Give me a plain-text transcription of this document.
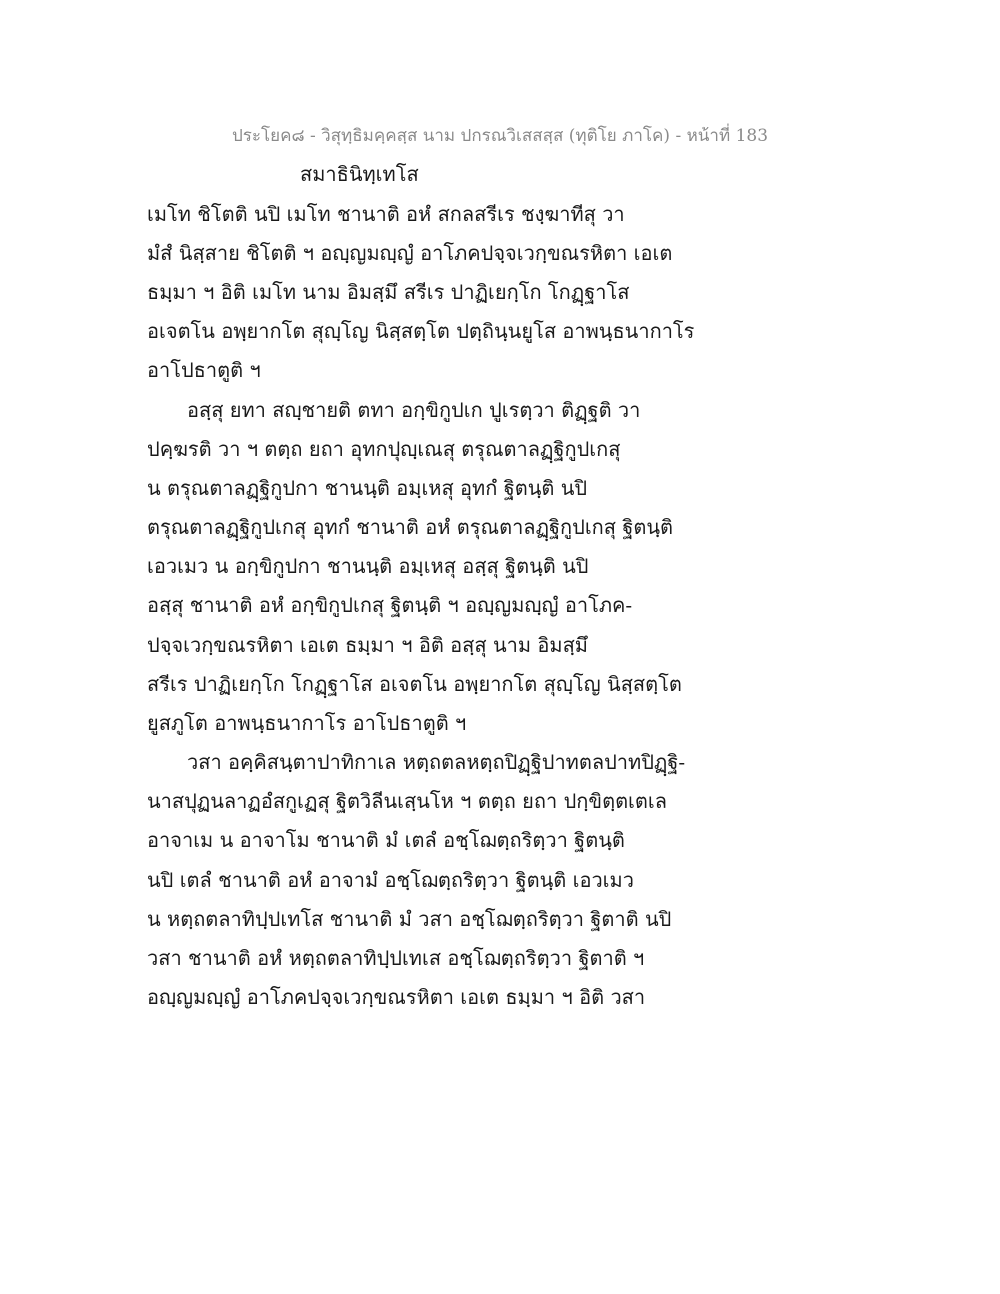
ประโยค๘ - วิสุทฺธิมคฺคสฺส นาม ปกรณวิเสสสฺส (ทุติโย ภาโค) - หน้าที่ 183
สมาธินิทฺเทโส
เมโท ชิโตติ นปิ เมโท ชานาติ อหํ สกลสรีเร ชงฺฆาทีสุ วา
มํสํ นิสฺสาย ชิโตติ ฯ อญฺญมญฺญํ อาโภคปจฺจเวกฺขณรหิตา เอเต
ธมฺมา ฯ อิติ เมโท นาม อิมสฺมึ สรีเร ปาฏิเยกฺโก โกฏฺฐาโส
อเจตโน อพฺยากโต สุญฺโญ นิสฺสตฺโต ปตฺถินฺนยูโส อาพนฺธนากาโร
อาโปธาตูติ ฯ
อสฺสุ ยทา สญฺชายติ ตทา อกฺขิกูปเก ปูเรตฺวา ติฏฺฐติ วา
ปคฺฆรติ วา ฯ ตตฺถ ยถา อุทกปุญฺเณสุ ตรุณตาลฏฺฐิกูปเกสุ
น ตรุณตาลฏฺฐิกูปกา ชานนฺติ อมฺเหสุ อุทกํ ฐิตนฺติ นปิ
ตรุณตาลฏฺฐิกูปเกสุ อุทกํ ชานาติ อหํ ตรุณตาลฏฺฐิกูปเกสุ ฐิตนฺติ
เอวเมว น อกฺขิกูปกา ชานนฺติ อมฺเหสุ อสฺสุ ฐิตนฺติ นปิ
อสฺสุ ชานาติ อหํ อกฺขิกูปเกสุ ฐิตนฺติ ฯ อญฺญมญฺญํ อาโภค-
ปจฺจเวกฺขณรหิตา เอเต ธมฺมา ฯ อิติ อสฺสุ นาม อิมสฺมึ
สรีเร ปาฏิเยกฺโก โกฏฺฐาโส อเจตโน อพฺยากโต สุญฺโญ นิสฺสตฺโต
ยูสภูโต อาพนฺธนากาโร อาโปธาตูติ ฯ
วสา อคฺคิสนฺตาปาทิกาเล หตฺถตลหตฺถปิฏฺฐิปาทตลปาทปิฏฺฐิ-
นาสปุฏนลาฏอํสกูเฏสุ ฐิตวิลีนเสฺนโห ฯ ตตฺถ ยถา ปกฺขิตฺตเตเล
อาจาเม น อาจาโม ชานาติ มํ เตลํ อชฺโฌตฺถริตฺวา ฐิตนฺติ
นปิ เตลํ ชานาติ อหํ อาจามํ อชฺโฌตฺถริตฺวา ฐิตนฺติ เอวเมว
น หตฺถตลาทิปฺปเทโส ชานาติ มํ วสา อชฺโฌตฺถริตฺวา ฐิตาติ นปิ
วสา ชานาติ อหํ หตฺถตลาทิปฺปเทเส อชฺโฌตฺถริตฺวา ฐิตาติ ฯ
อญฺญมญฺญํ อาโภคปจฺจเวกฺขณรหิตา เอเต ธมฺมา ฯ อิติ วสา
